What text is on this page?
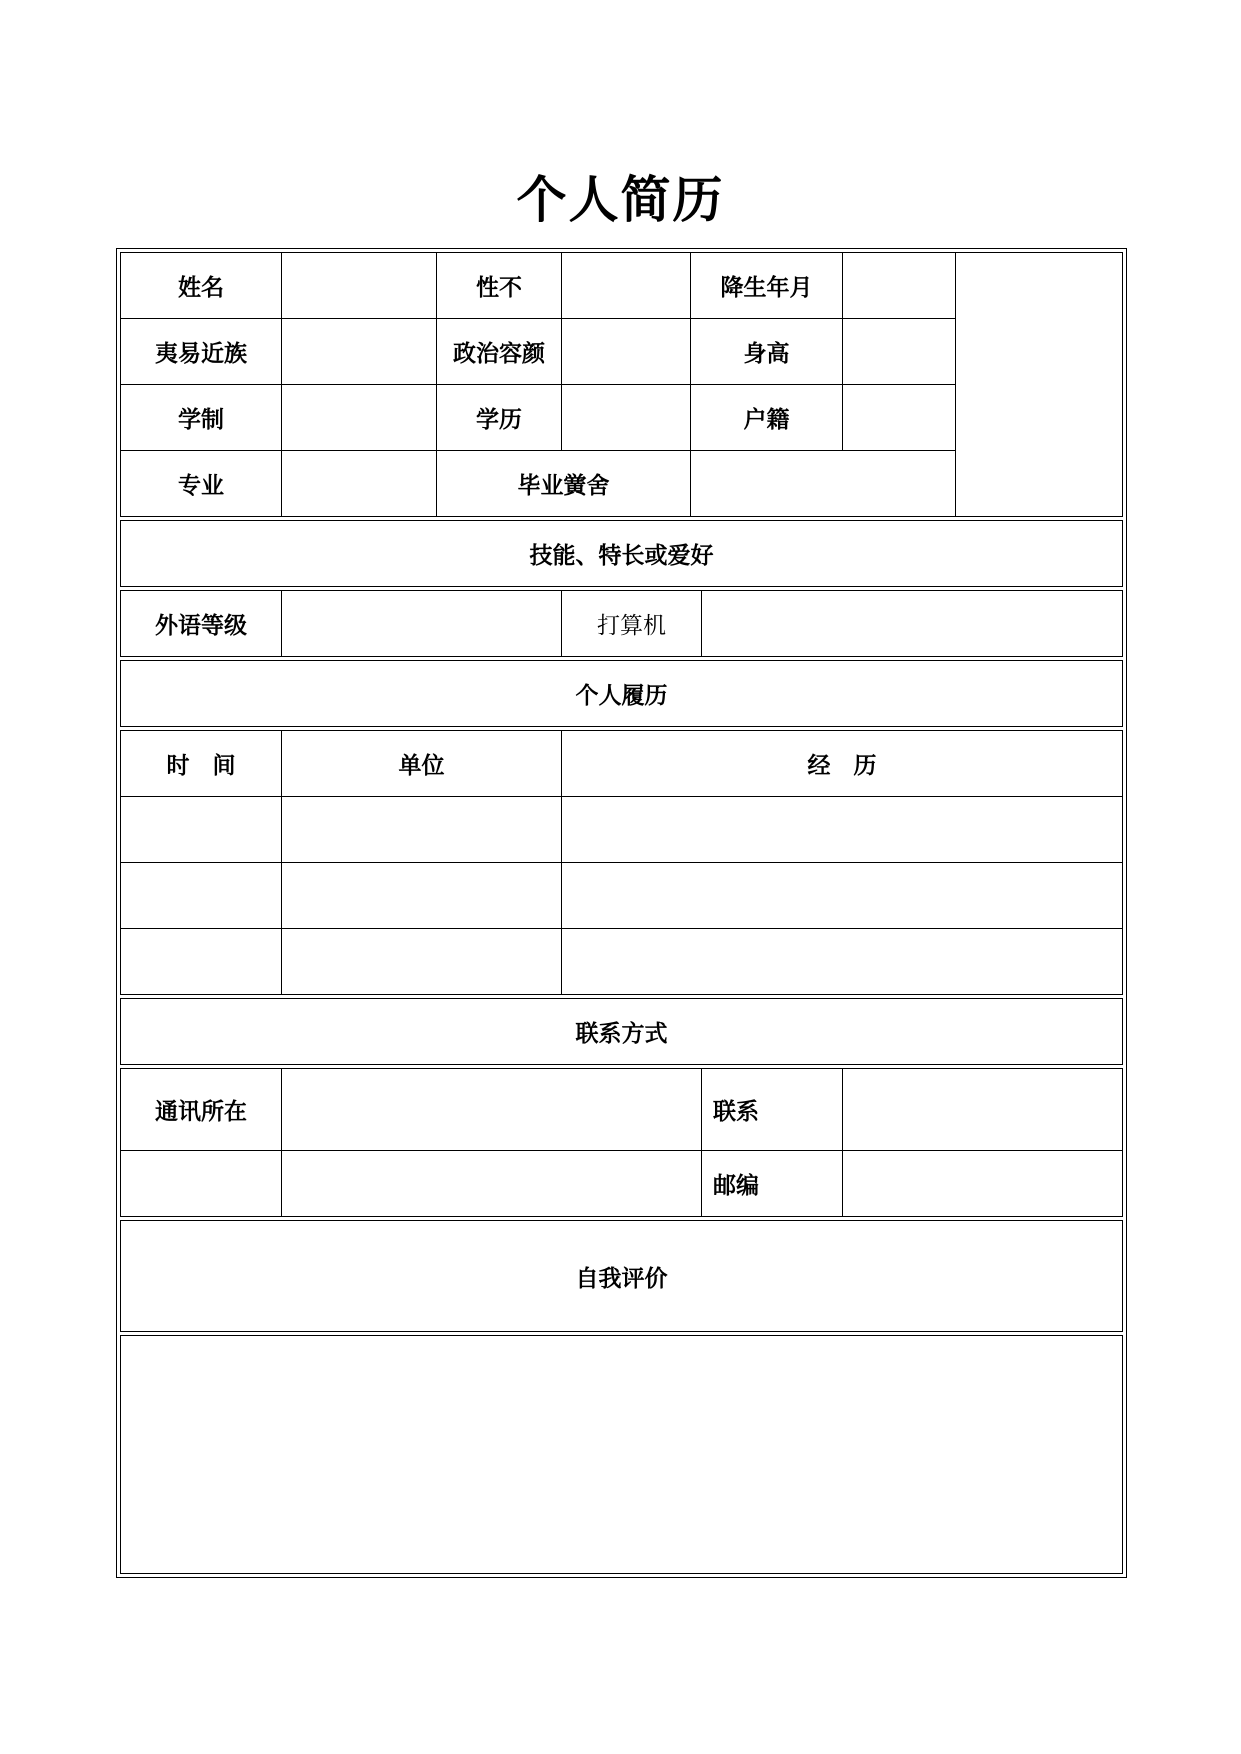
个人简历
姓名	性不	降生年月
夷易近族	政治容颜	身高
学制	学历	户籍
专业	毕业黉舍
技能、特长或爱好
外语等级	打算机
个人履历
时　间	单位	经　历
联系方式
通讯所在	联系
邮编
自我评价
